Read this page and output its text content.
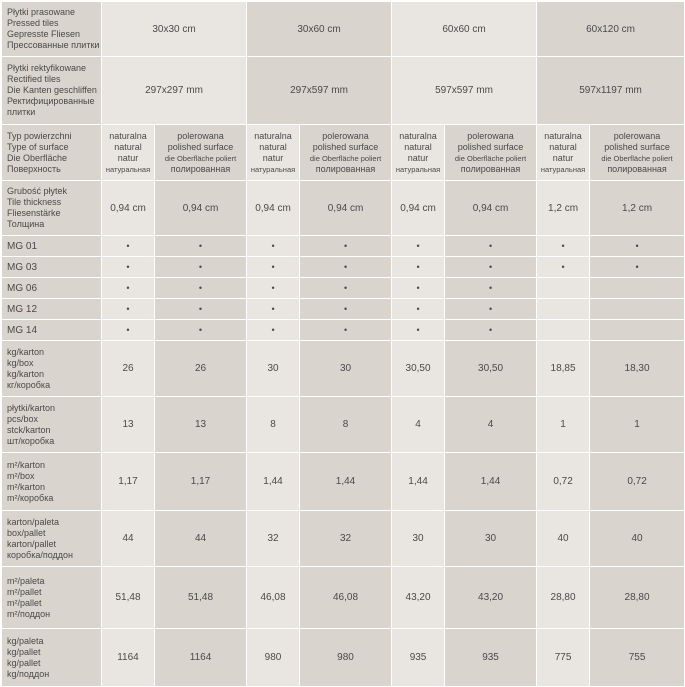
Płytki prasowane
Pressed tiles
Gepresste Fliesen
Прессованные плитки	30x30 cm		30x60 cm		60x60 cm		60x120 cm	

Płytki rektyfikowane
Rectified tiles
Die Kanten geschliffen
Ректифицированные
плитки	297x297 mm		297x597 mm		597x597 mm		597x1197 mm	

Typ powierzchni
Type of surface
Die Oberfläche
Поверхность	naturalna
natural
natur
натуральная	polerowana
polished surface
die Oberfläche poliert
полированная	naturalna
natural
natur
натуральная	polerowana
polished surface
die Oberfläche poliert
полированная	naturalna
natural
natur
натуральная	polerowana
polished surface
die Oberfläche poliert
полированная	naturalna
natural
natur
натуральная	polerowana
polished surface
die Oberfläche poliert
полированная

Grubość płytek
Tile thickness
Fliesenstärke
Толщина	0,94 cm	0,94 cm	0,94 cm	0,94 cm	0,94 cm	0,94 cm	1,2 cm	1,2 cm
MG 01	•	•	•	•	•	•	•	•
MG 03	•	•	•	•	•	•	•	•
MG 06	•	•	•	•	•	•		
MG 12	•	•	•	•	•	•		
MG 14	•	•	•	•	•	•		

kg/karton
kg/box
kg/karton
кг/коробка	26	26	30	30	30,50	30,50	18,85	18,30

płytki/karton
pcs/box
stck/karton
шт/коробка	13	13	8	8	4	4	1	1

m²/karton
m²/box
m²/karton
m²/коробка	1,17	1,17	1,44	1,44	1,44	1,44	0,72	0,72

karton/paleta
box/pallet
karton/pallet
коробка/поддон	44	44	32	32	30	30	40	40

m²/paleta
m²/pallet
m²/pallet
m²/поддон	51,48	51,48	46,08	46,08	43,20	43,20	28,80	28,80

kg/paleta
kg/pallet
kg/pallet
kg/поддон	1164	1164	980	980	935	935	775	755
